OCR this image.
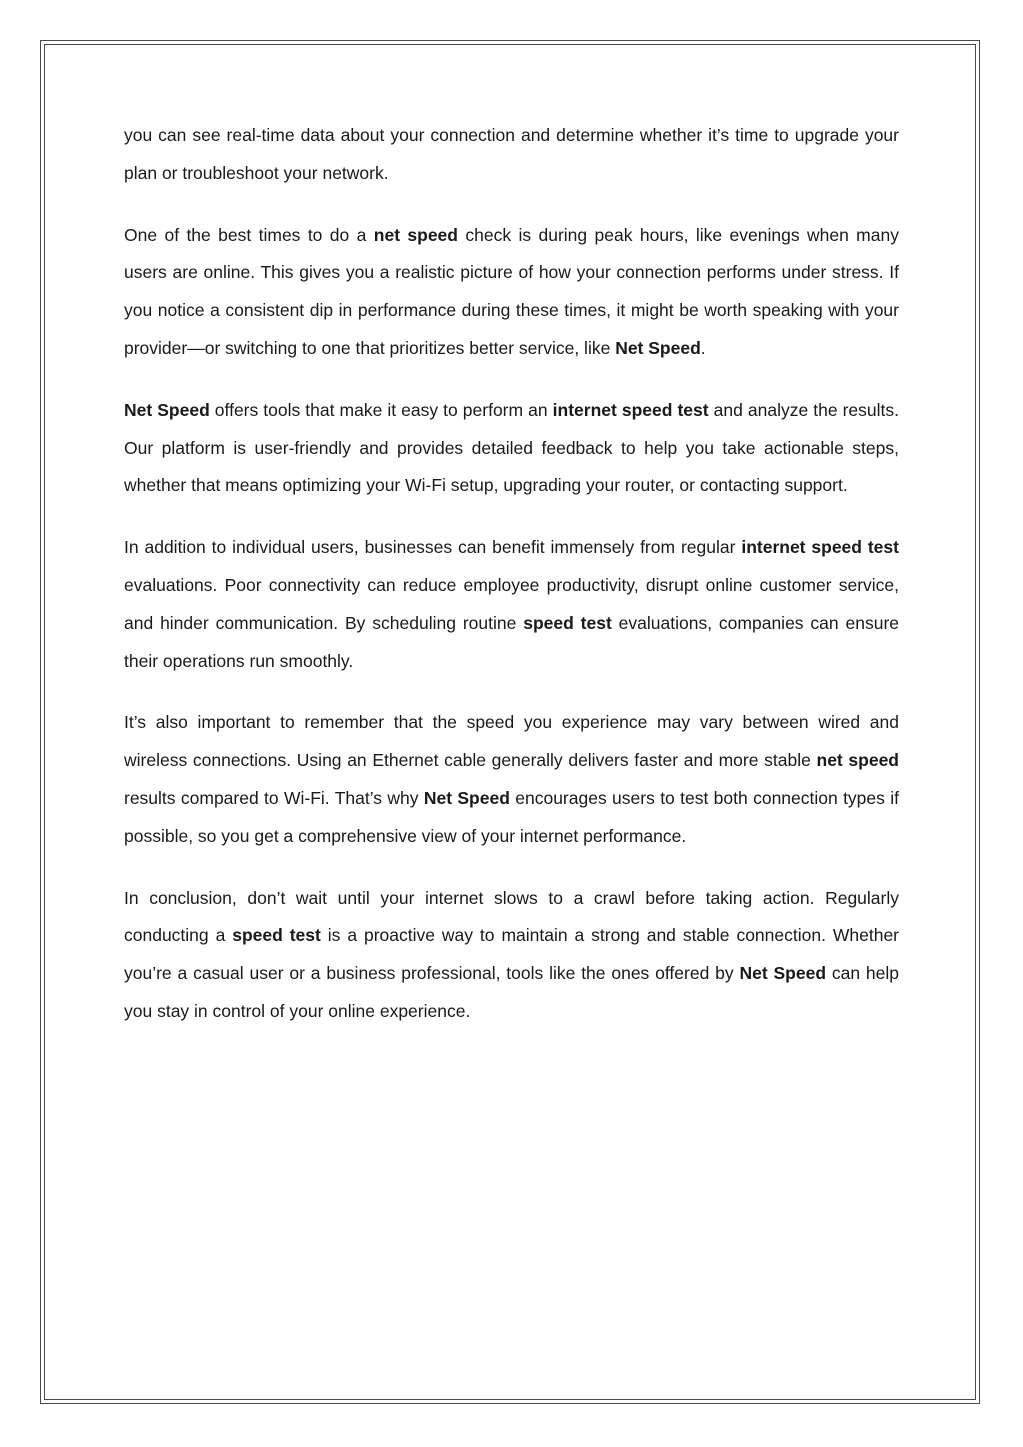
you can see real-time data about your connection and determine whether it’s time to upgrade your plan or troubleshoot your network.

One of the best times to do a net speed check is during peak hours, like evenings when many users are online. This gives you a realistic picture of how your connection performs under stress. If you notice a consistent dip in performance during these times, it might be worth speaking with your provider—or switching to one that prioritizes better service, like Net Speed.

Net Speed offers tools that make it easy to perform an internet speed test and analyze the results. Our platform is user-friendly and provides detailed feedback to help you take actionable steps, whether that means optimizing your Wi-Fi setup, upgrading your router, or contacting support.

In addition to individual users, businesses can benefit immensely from regular internet speed test evaluations. Poor connectivity can reduce employee productivity, disrupt online customer service, and hinder communication. By scheduling routine speed test evaluations, companies can ensure their operations run smoothly.

It’s also important to remember that the speed you experience may vary between wired and wireless connections. Using an Ethernet cable generally delivers faster and more stable net speed results compared to Wi-Fi. That’s why Net Speed encourages users to test both connection types if possible, so you get a comprehensive view of your internet performance.

In conclusion, don’t wait until your internet slows to a crawl before taking action. Regularly conducting a speed test is a proactive way to maintain a strong and stable connection. Whether you’re a casual user or a business professional, tools like the ones offered by Net Speed can help you stay in control of your online experience.
